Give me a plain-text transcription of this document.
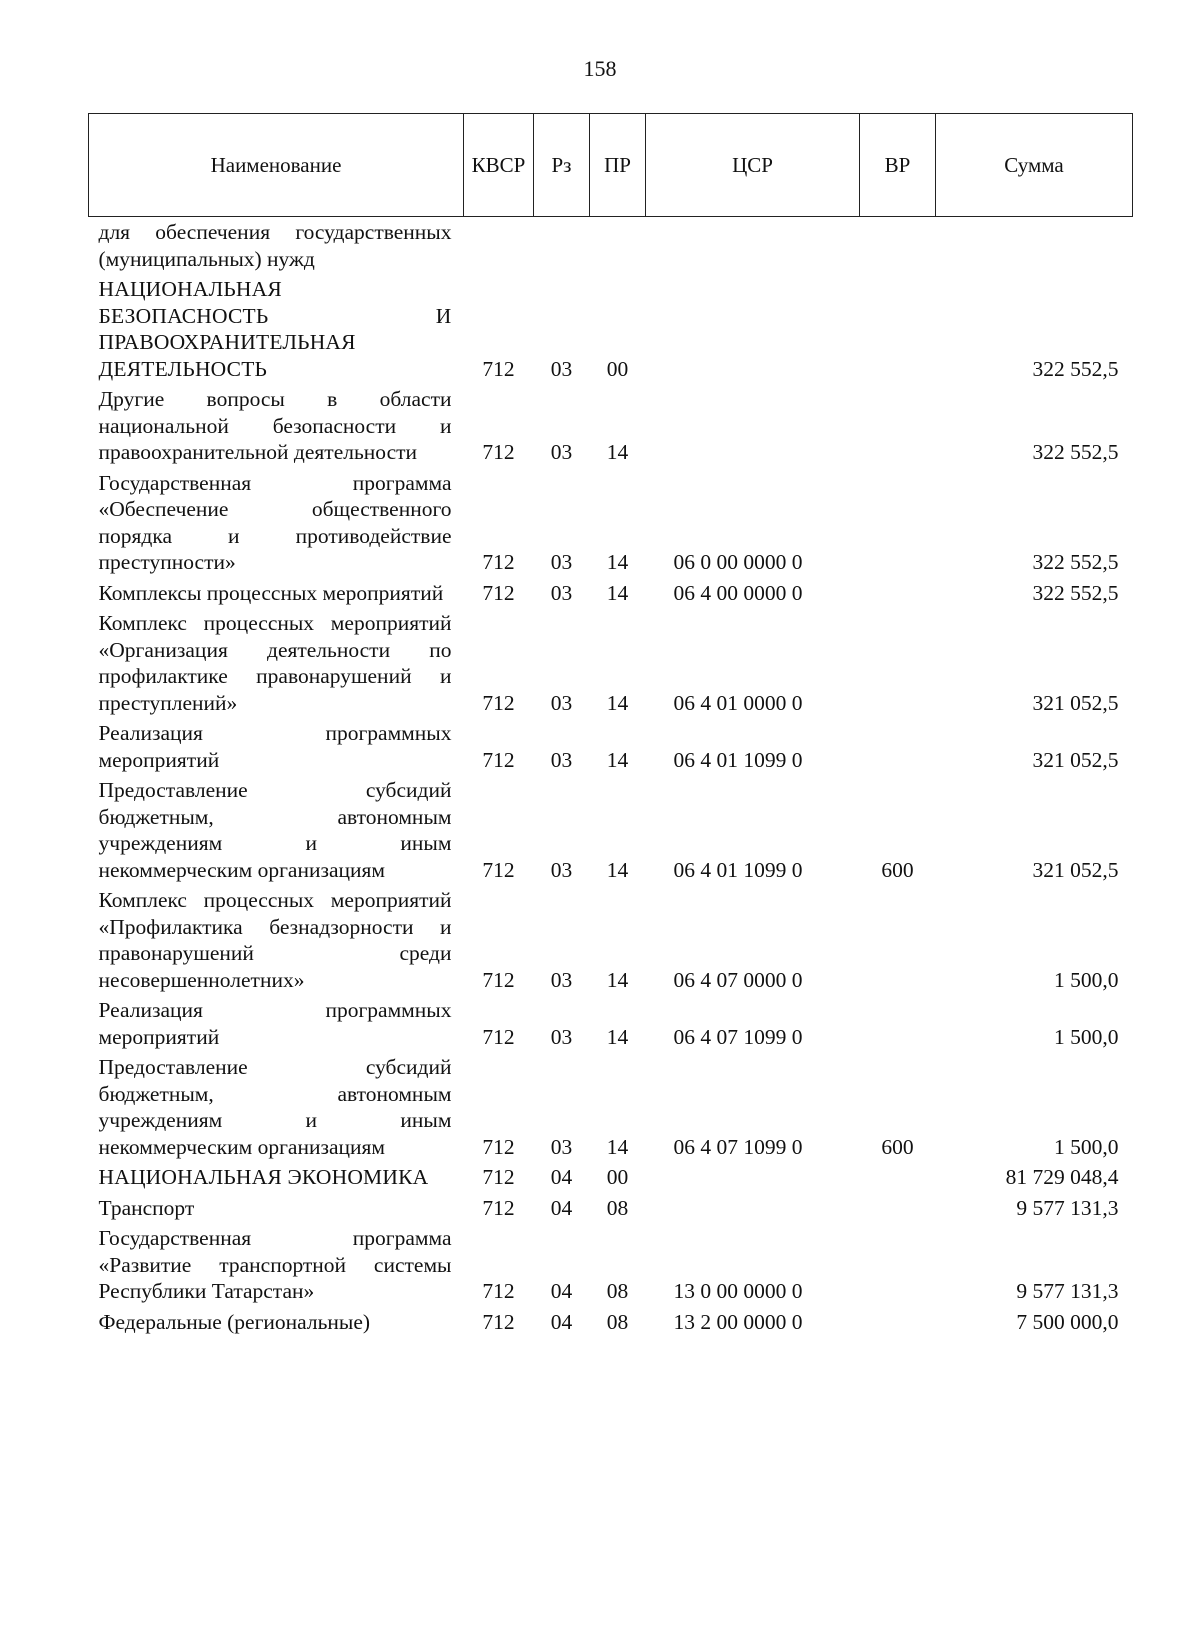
158
Наименование	КВСР	Рз	ПР	ЦСР	ВР	Сумма
для обеспечения государственных (муниципальных) нужд						
НАЦИОНАЛЬНАЯ БЕЗОПАСНОСТЬ И ПРАВООХРАНИТЕЛЬНАЯ ДЕЯТЕЛЬНОСТЬ	712	03	00			322 552,5
Другие вопросы в области национальной безопасности и правоохранительной деятельности	712	03	14			322 552,5
Государственная программа «Обеспечение общественного порядка и противодействие преступности»	712	03	14	06 0 00 0000 0		322 552,5
Комплексы процессных мероприятий	712	03	14	06 4 00 0000 0		322 552,5
Комплекс процессных мероприятий «Организация деятельности по профилактике правонарушений и преступлений»	712	03	14	06 4 01 0000 0		321 052,5
Реализация программных мероприятий	712	03	14	06 4 01 1099 0		321 052,5
Предоставление субсидий бюджетным, автономным учреждениям и иным некоммерческим организациям	712	03	14	06 4 01 1099 0	600	321 052,5
Комплекс процессных мероприятий «Профилактика безнадзорности и правонарушений среди несовершеннолетних»	712	03	14	06 4 07 0000 0		1 500,0
Реализация программных мероприятий	712	03	14	06 4 07 1099 0		1 500,0
Предоставление субсидий бюджетным, автономным учреждениям и иным некоммерческим организациям	712	03	14	06 4 07 1099 0	600	1 500,0
НАЦИОНАЛЬНАЯ ЭКОНОМИКА	712	04	00			81 729 048,4
Транспорт	712	04	08			9 577 131,3
Государственная программа «Развитие транспортной системы Республики Татарстан»	712	04	08	13 0 00 0000 0		9 577 131,3
Федеральные (региональные)	712	04	08	13 2 00 0000 0		7 500 000,0
